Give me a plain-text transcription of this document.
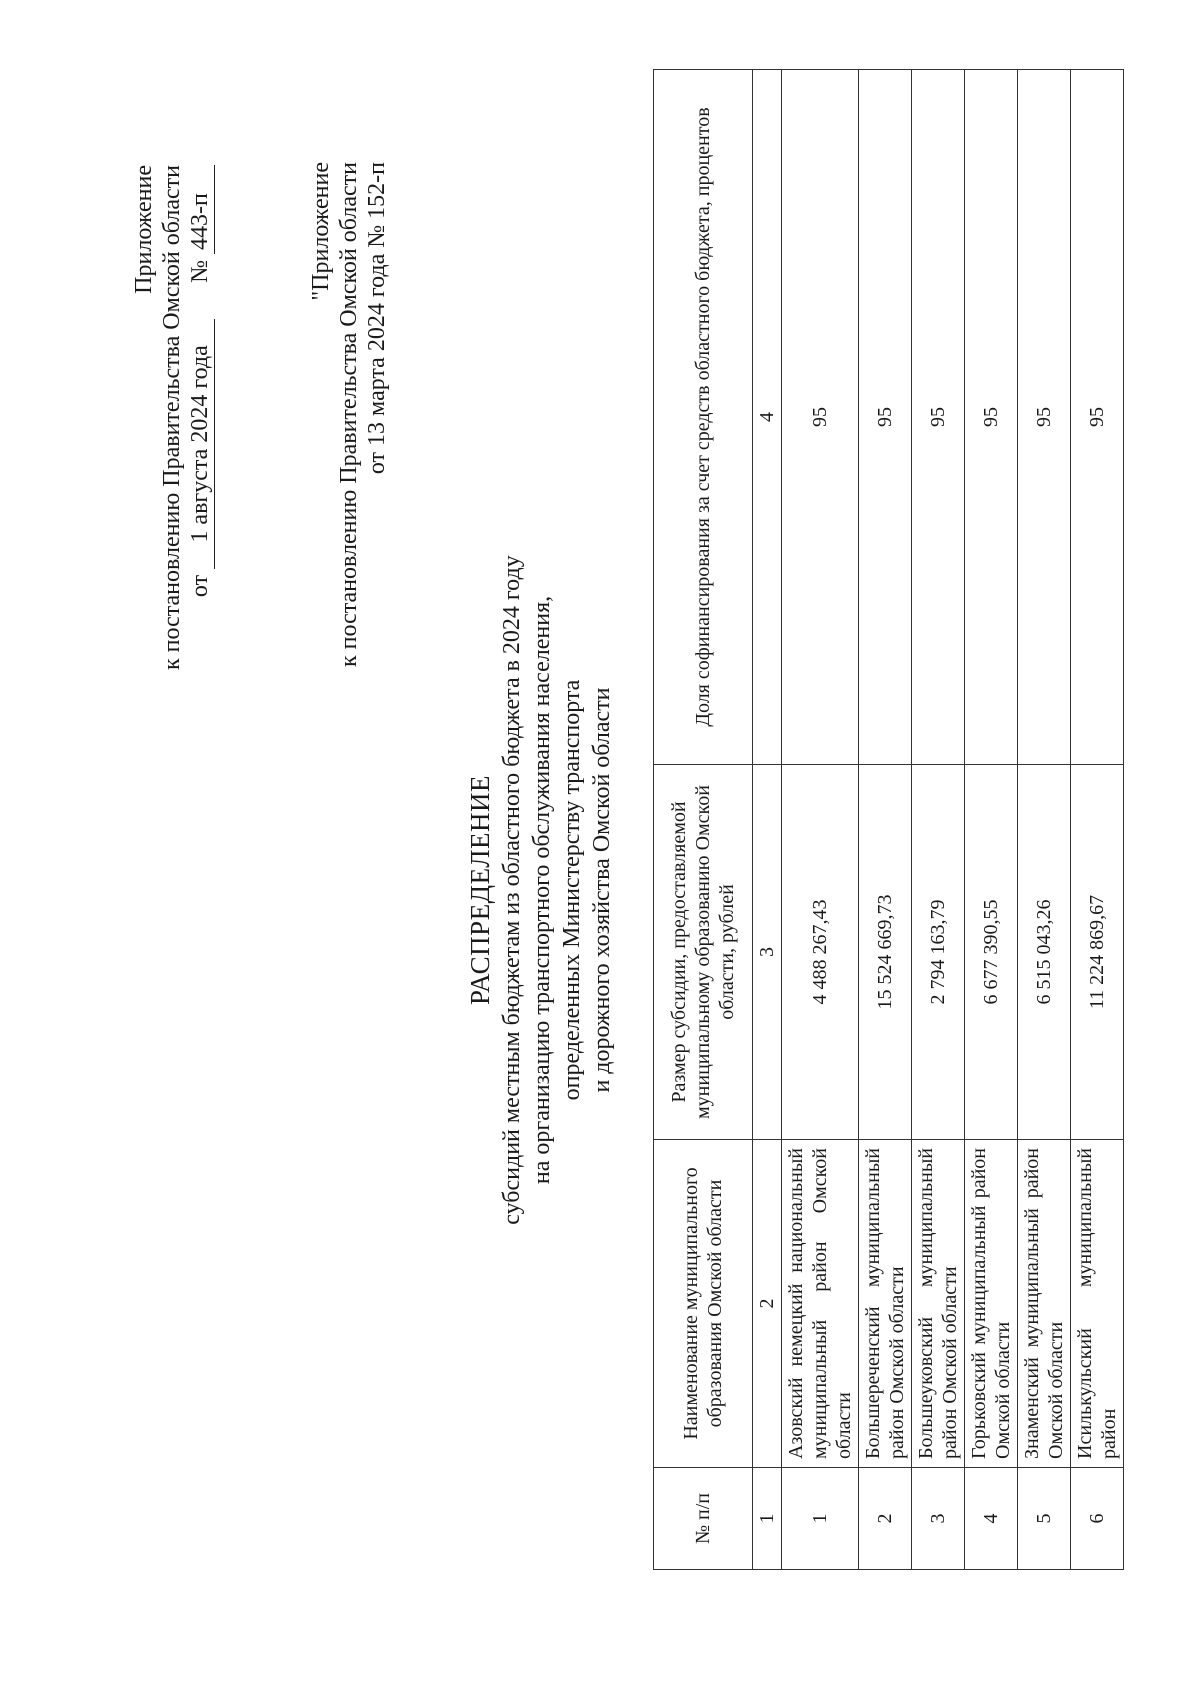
Приложение к постановлению Правительства Омской области от 1 августа 2024 года      № 443-п	"Приложение к постановлению Правительства Омской области от 13 марта 2024 года № 152-п
РАСПРЕДЕЛЕНИЕ субсидий местным бюджетам из областного бюджета в 2024 году на организацию транспортного обслуживания населения, определенных Министерству транспорта и дорожного хозяйства Омской области
№ п/п	Наименование муниципального образования Омской области	Размер субсидии, предоставляемой муниципальному образованию Омской области, рублей	Доля софинансирования за счет средств областного бюджета, процентов
1	2	3	4
1	Азовский немецкий национальный муниципальный район Омской области	4 488 267,43	95
2	Большереченский муниципальный район Омской области	15 524 669,73	95
3	Большеуковский муниципальный район Омской области	2 794 163,79	95
4	Горьковский муниципальный район Омской области	6 677 390,55	95
5	Знаменский муниципальный район Омской области	6 515 043,26	95
6	Исилькульский муниципальный район	11 224 869,67	95
